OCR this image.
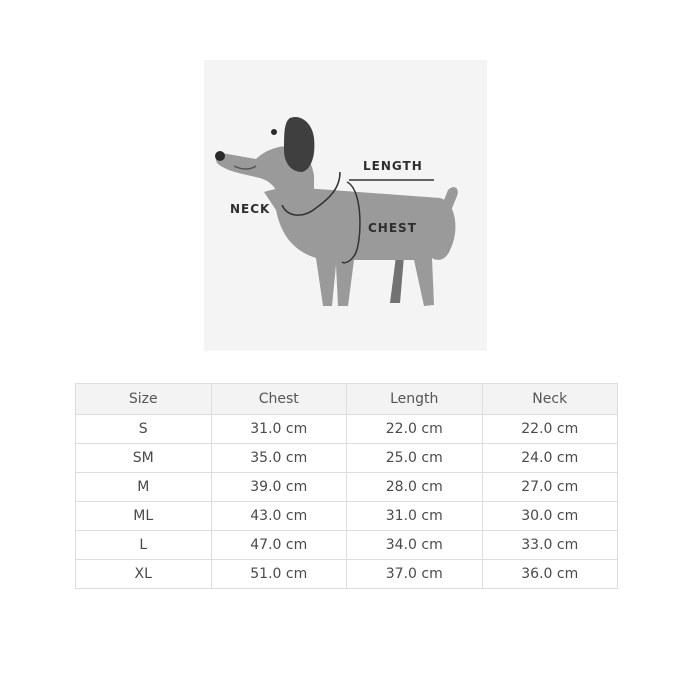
LENGTH
NECK
CHEST
Size	Chest	Length	Neck
S	31.0 cm	22.0 cm	22.0 cm
SM	35.0 cm	25.0 cm	24.0 cm
M	39.0 cm	28.0 cm	27.0 cm
ML	43.0 cm	31.0 cm	30.0 cm
L	47.0 cm	34.0 cm	33.0 cm
XL	51.0 cm	37.0 cm	36.0 cm
